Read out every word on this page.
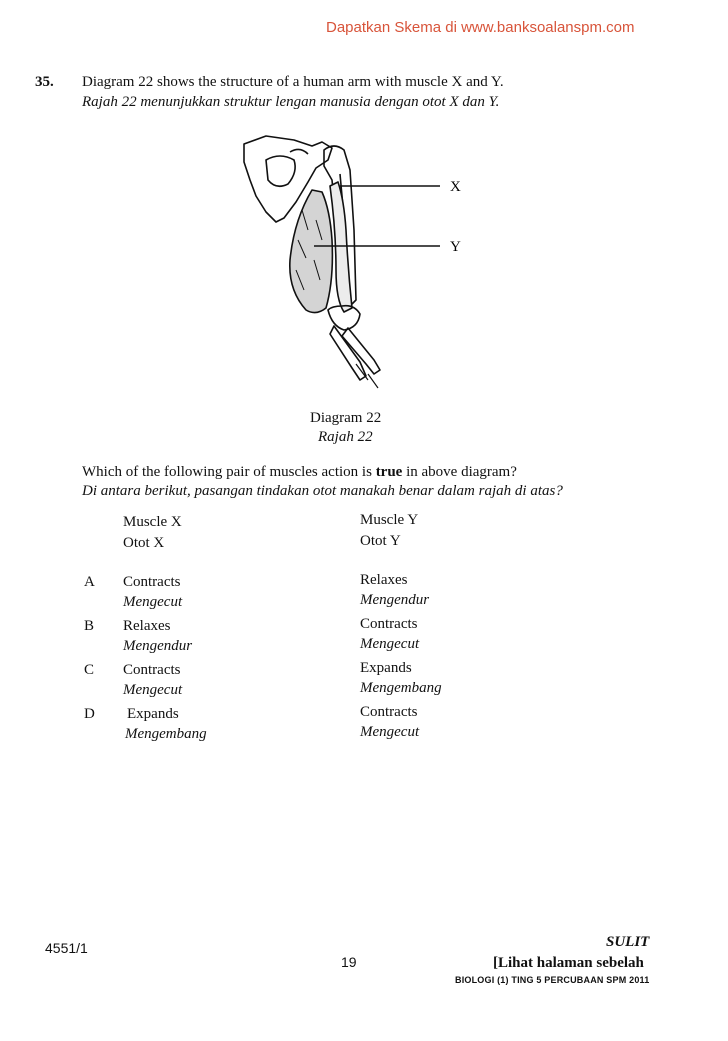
Dapatkan Skema di www.banksoalanspm.com
35. Diagram 22 shows the structure of a human arm with muscle X and Y.
Rajah 22 menunjukkan struktur lengan manusia dengan otot X dan Y.
X
Y
Diagram 22
Rajah 22
Which of the following pair of muscles action is true in above diagram?
Di antara berikut, pasangan tindakan otot manakah benar dalam rajah di atas?
Muscle X
Otot X
Muscle Y
Otot Y
A Contracts
Mengecut
Relaxes
Mengendur
B Relaxes
Mengendur
Contracts
Mengecut
C Contracts
Mengecut
Expands
Mengembang
D Expands
Mengembang
Contracts
Mengecut
4551/1
19
SULIT
[Lihat halaman sebelah
BIOLOGI (1) TING 5 PERCUBAAN SPM 2011
